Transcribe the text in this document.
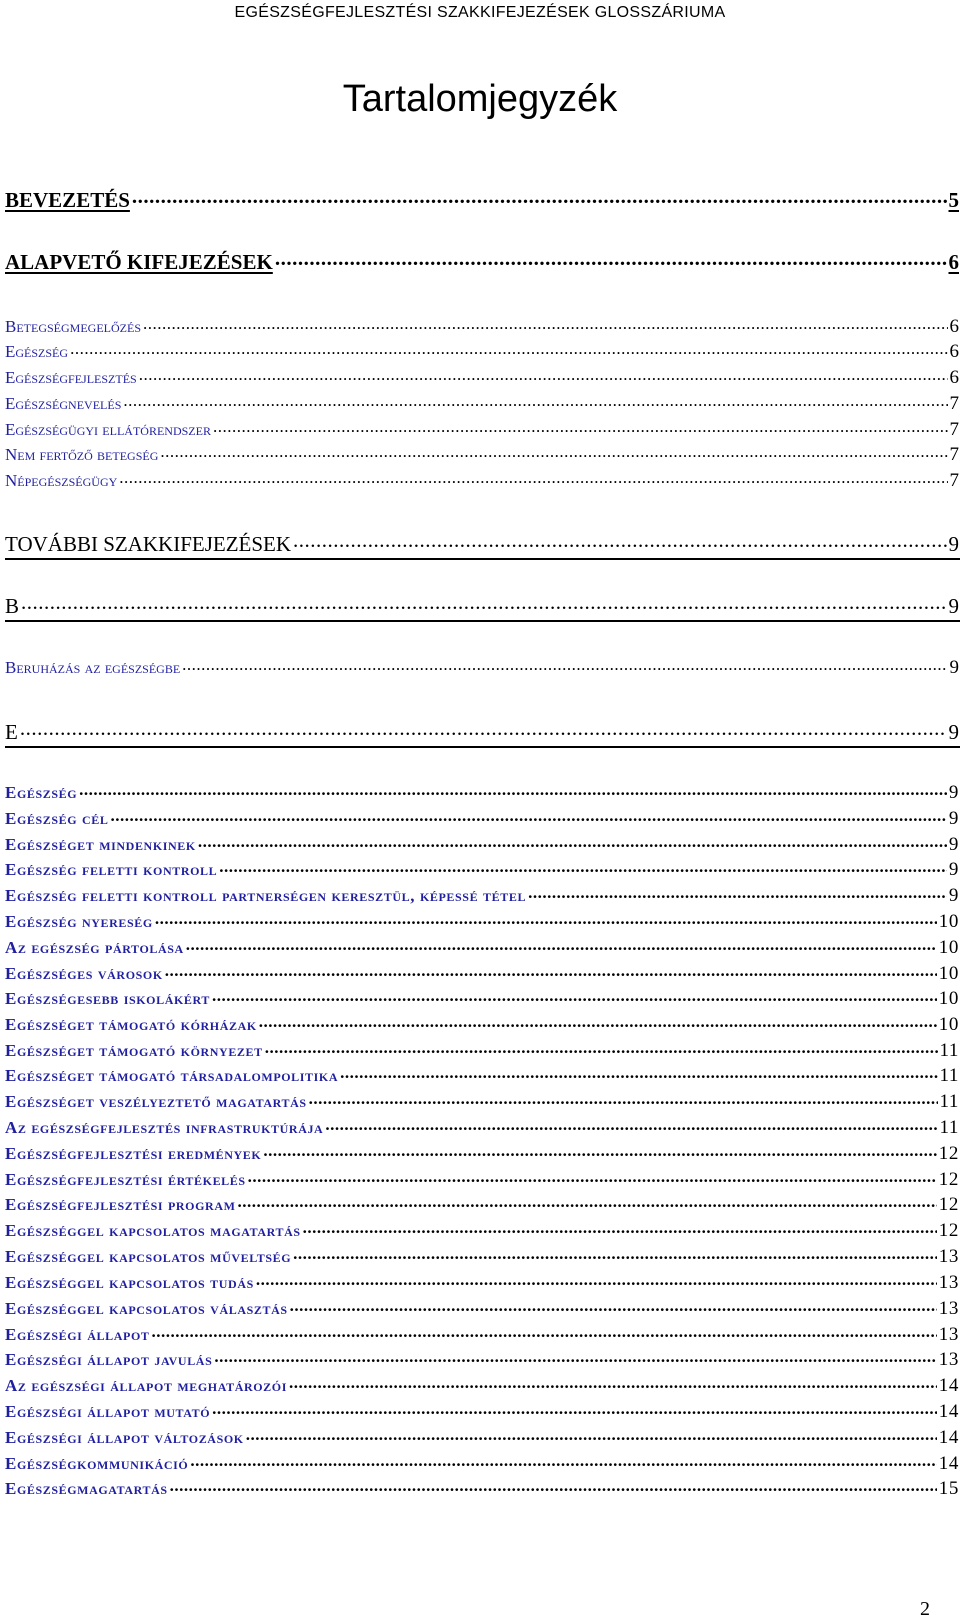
EGÉSZSÉGFEJLESZTÉSI SZAKKIFEJEZÉSEK GLOSSZÁRIUMA
Tartalomjegyzék
BEVEZETÉS .....	5
ALAPVETŐ KIFEJEZÉSEK .....	6
Betegségmegelőzés .....	6
Egészség .....	6
Egészségfejlesztés .....	6
Egészségnevelés .....	7
Egészségügyi ellátórendszer .....	7
Nem fertőző betegség .....	7
Népegészségügy .....	7
TOVÁBBI SZAKKIFEJEZÉSEK .....	9
B .....	9
Beruházás az egészségbe .....	9
E .....	9
Egészség .....	9
Egészség cél .....	9
Egészséget mindenkinek .....	9
Egészség feletti kontroll .....	9
Egészség feletti kontroll partnerségen keresztül, képessé tétel .....	9
Egészség nyereség .....	10
Az egészség pártolása .....	10
Egészséges városok .....	10
Egészségesebb iskolákért .....	10
Egészséget támogató kórházak .....	10
Egészséget támogató környezet .....	11
Egészséget támogató társadalompolitika .....	11
Egészséget veszélyeztető magatartás .....	11
Az egészségfejlesztés infrastruktúrája .....	11
Egészségfejlesztési eredmények .....	12
Egészségfejlesztési értékelés .....	12
Egészségfejlesztési program .....	12
Egészséggel kapcsolatos magatartás .....	12
Egészséggel kapcsolatos műveltség .....	13
Egészséggel kapcsolatos tudás .....	13
Egészséggel kapcsolatos választás .....	13
Egészségi állapot .....	13
Egészségi állapot javulás .....	13
Az egészségi állapot meghatározói .....	14
Egészségi állapot mutató .....	14
Egészségi állapot változások .....	14
Egészségkommunikáció .....	14
Egészségmagatartás .....	15
2
